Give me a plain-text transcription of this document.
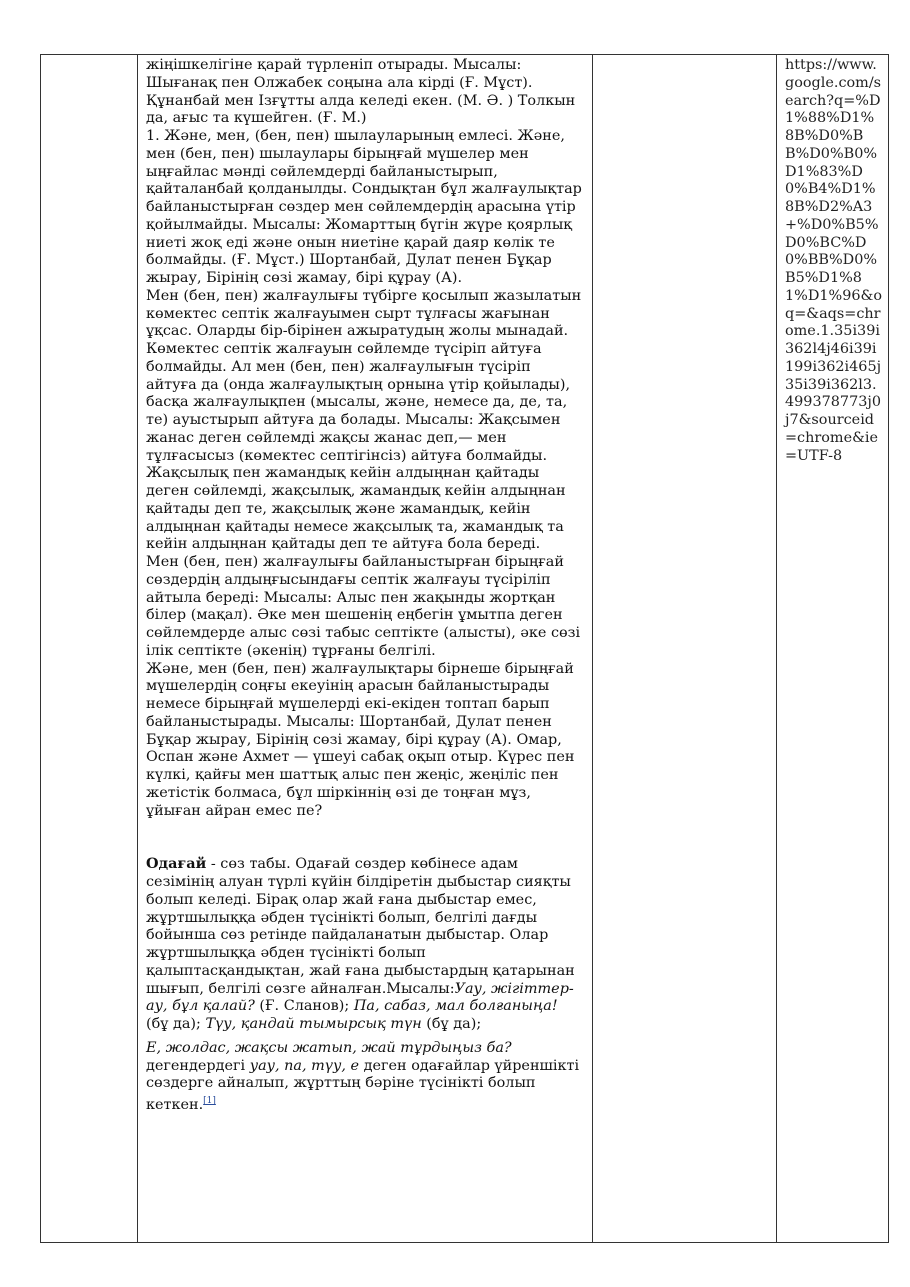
жіңішкелігіне қарай түрленіп отырады. Мысалы: Шығанақ пен Олжабек соңына ала кірді (Ғ. Мұст). Құнанбай мен Ізғұтты алда келеді екен. (М. Ә. ) Толкын да, ағыс та күшейген. (Ғ. М.)

1. Және, мен, (бен, пен) шылауларының емлесі. Және, мен (бен, пен) шылаулары бірыңғай мүшелер мен ыңғайлас мәнді сөйлемдерді байланыстырып, қайталанбай қолданылды. Сондықтан бұл жалғаулықтар байланыстырған сөздер мен сөйлемдердің арасына үтір қойылмайды. Мысалы: Жомарттың бүгін жүре қоярлық ниеті жоқ еді және онын ниетіне қарай даяр көлік те болмайды. (Ғ. Мұст.) Шортанбай, Дулат пенен Бұқар жырау, Бірінің сөзі жамау, бірі құрау (А).

Мен (бен, пен) жалғаулығы түбірге қосылып жазылатын көмектес септік жалғауымен сырт тұлғасы жағынан ұқсас. Оларды бір-бірінен ажыратудың жолы мынадай. Көмектес септік жалғауын сөйлемде түсіріп айтуға болмайды. Ал мен (бен, пен) жалғаулығын түсіріп айтуға да (онда жалғаулықтың орнына үтір қойылады), басқа жалғаулықпен (мысалы, және, немесе да, де, та, те) ауыстырып айтуға да болады. Мысалы: Жақсымен жанас деген сөйлемді жақсы жанас деп,— мен тұлғасысыз (көмектес септігінсіз) айтуға болмайды. Жақсылық пен жамандық кейін алдыңнан қайтады деген сөйлемді, жақсылық, жамандық кейін алдыңнан қайтады деп те, жақсылық және жамандық, кейін алдыңнан қайтады немесе жақсылық та, жамандық та кейін алдыңнан қайтады деп те айтуға бола береді.

Мен (бен, пен) жалғаулығы байланыстырған бірыңғай сөздердің алдыңғысындағы септік жалғауы түсіріліп айтыла береді: Мысалы: Алыс пен жақынды жортқан білер (мақал). Әке мен шешенің еңбегін ұмытпа деген сөйлемдерде алыс сөзі табыс септікте (алысты), әке сөзі ілік септікте (әкенің) тұрғаны белгілі.

Және, мен (бен, пен) жалғаулықтары бірнеше бірыңғай мүшелердің соңғы екеуінің арасын байланыстырады немесе бірыңғай мүшелерді екі-екіден топтап барып байланыстырады. Мысалы: Шортанбай, Дулат пенен Бұқар жырау, Бірінің сөзі жамау, бірі құрау (А). Омар, Оспан және Ахмет — үшеуі сабақ оқып отыр. Күрес пен күлкі, қайғы мен шаттық алыс пен жеңіс, жеңіліс пен жетістік болмаса, бұл шіркіннің өзі де тоңған мұз, ұйыған айран емес пе?

Одағай - сөз табы. Одағай сөздер көбінесе адам сезімінің алуан түрлі күйін білдіретін дыбыстар сияқты болып келеді. Бірақ олар жай ғана дыбыстар емес, жұртшылыққа әбден түсінікті болып, белгілі дағды бойынша сөз ретінде пайдаланатын дыбыстар. Олар жұртшылыққа әбден түсінікті болып қалыптасқандықтан, жай ғана дыбыстардың қатарынан шығып, белгілі сөзге айналған.Мысалы:Уау, жігіттер-ау, бұл қалай? (Ғ. Сланов); Па, сабаз, мал болғаныңа! (бұ да); Түу, қандай тымырсық түн (бұ да);

Е, жолдас, жақсы жатып, жай тұрдыңыз ба? дегендердегі уау, па, түу, е деген одағайлар үйреншікті сөздерге айналып, жұрттың бәріне түсінікті болып кеткен.[1]

https://www.google.com/search?q=%D1%88%D1%8B%D0%BB%D0%B0%D1%83%D0%B4%D1%8B%D2%A3+%D0%B5%D0%BC%D0%BB%D0%B5%D1%81%D1%96&oq=&aqs=chrome.1.35i39i362l4j46i39i199i362i465j35i39i362l3.499378773j0j7&sourceid=chrome&ie=UTF-8
